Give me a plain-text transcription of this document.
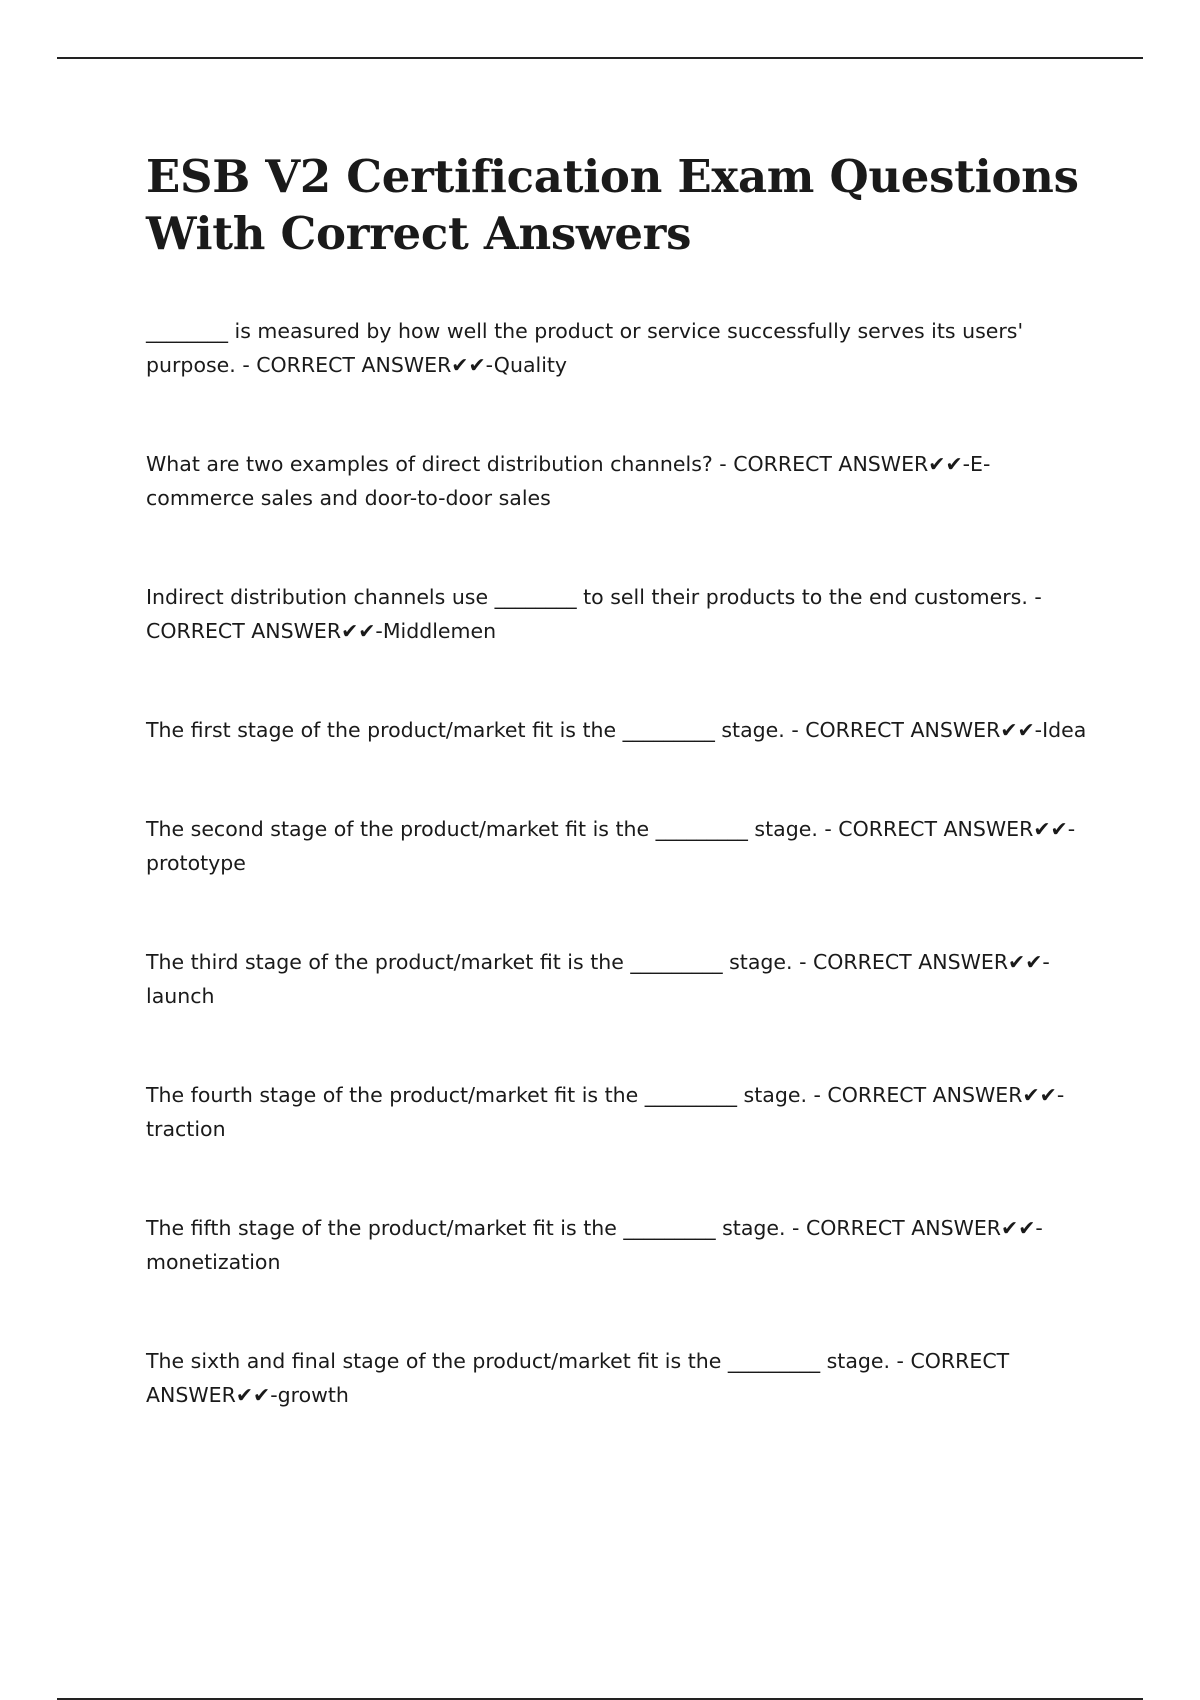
ESB V2 Certification Exam Questions With Correct Answers

________ is measured by how well the product or service successfully serves its users' purpose. - CORRECT ANSWER✔✔-Quality

What are two examples of direct distribution channels? - CORRECT ANSWER✔✔-E-commerce sales and door-to-door sales

Indirect distribution channels use ________ to sell their products to the end customers. - CORRECT ANSWER✔✔-Middlemen

The first stage of the product/market fit is the _________ stage. - CORRECT ANSWER✔✔-Idea

The second stage of the product/market fit is the _________ stage. - CORRECT ANSWER✔✔-prototype

The third stage of the product/market fit is the _________ stage. - CORRECT ANSWER✔✔-launch

The fourth stage of the product/market fit is the _________ stage. - CORRECT ANSWER✔✔-traction

The fifth stage of the product/market fit is the _________ stage. - CORRECT ANSWER✔✔-monetization

The sixth and final stage of the product/market fit is the _________ stage. - CORRECT ANSWER✔✔-growth
